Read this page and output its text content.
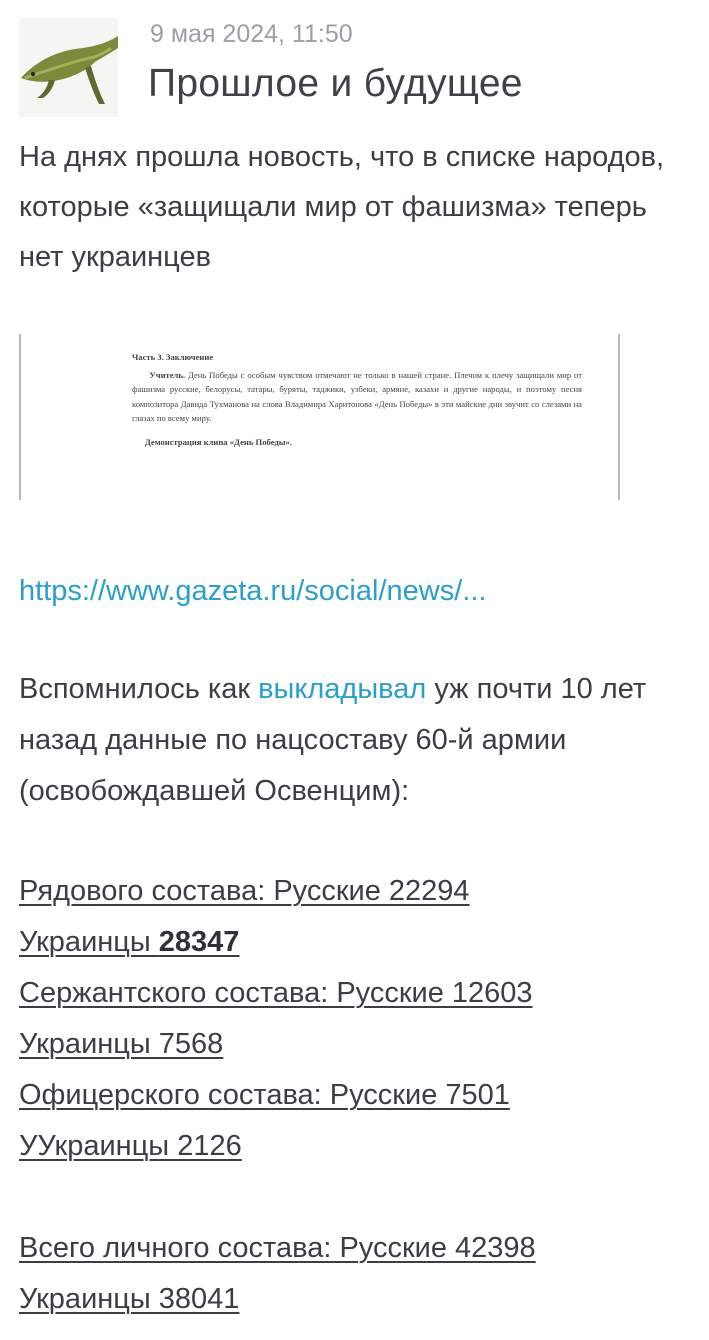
9 мая 2024, 11:50
Прошлое и будущее
На днях прошла новость, что в списке народов, которые «защищали мир от фашизма» теперь нет украинцев
Часть 3. Заключение
Учитель. День Победы с особым чувством отмечают не только в нашей стране. Плечом к плечу защищали мир от фашизма русские, белорусы, татары, буряты, таджики, узбеки, армяне, казахи и другие народы, и поэтому песня композитора Давида Тухманова на слова Владимира Харитонова «День Победы» в эти майские дни звучит со слезами на глазах по всему миру.
Демонстрация клипа «День Победы».
https://www.gazeta.ru/social/news/...
Вспомнилось как выкладывал уж почти 10 лет назад данные по нацсоставу 60-й армии (освобождавшей Освенцим):
Рядового состава: Русские 22294
Украинцы 28347
Сержантского состава: Русские 12603
Украинцы 7568
Офицерского состава: Русские 7501
УУкраинцы 2126
Всего личного состава: Русские 42398
Украинцы 38041
